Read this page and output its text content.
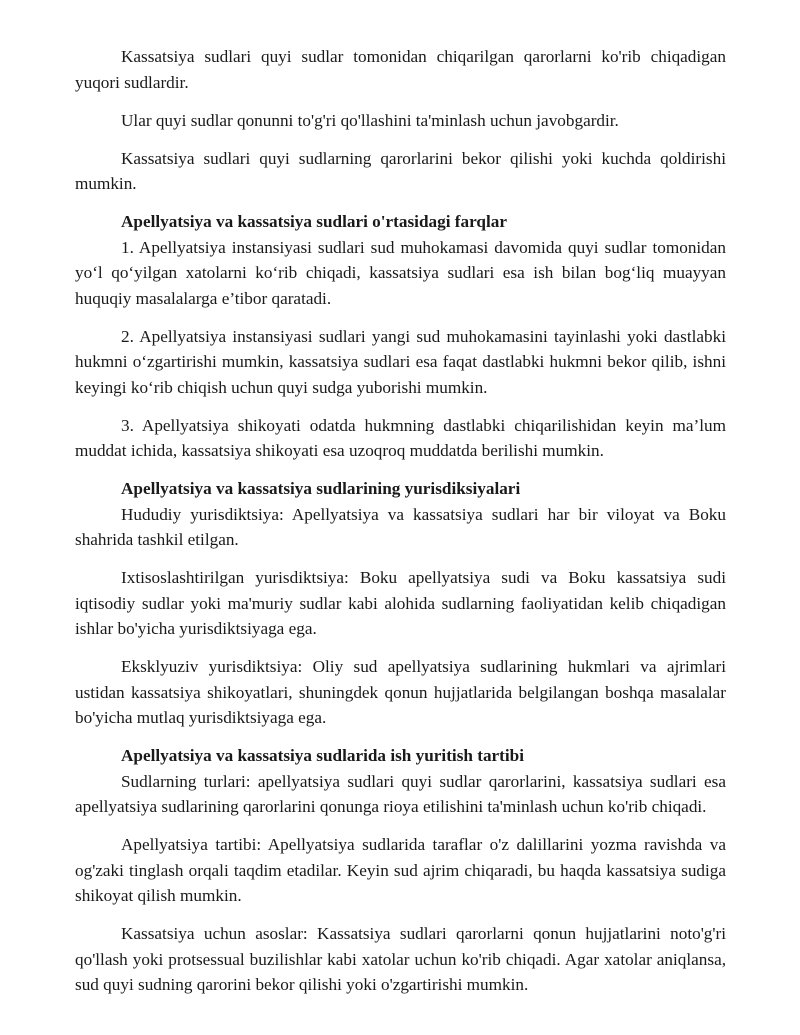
Kassatsiya sudlari quyi sudlar tomonidan chiqarilgan qarorlarni ko'rib chiqadigan yuqori sudlardir.

Ular quyi sudlar qonunni to'g'ri qo'llashini ta'minlash uchun javobgardir.

Kassatsiya sudlari quyi sudlarning qarorlarini bekor qilishi yoki kuchda qoldirishi mumkin.

Apellyatsiya va kassatsiya sudlari o'rtasidagi farqlar

1. Apellyatsiya instansiyasi sudlari sud muhokamasi davomida quyi sudlar tomonidan yo‘l qo‘yilgan xatolarni ko‘rib chiqadi, kassatsiya sudlari esa ish bilan bog‘liq muayyan huquqiy masalalarga e’tibor qaratadi.

2. Apellyatsiya instansiyasi sudlari yangi sud muhokamasini tayinlashi yoki dastlabki hukmni o‘zgartirishi mumkin, kassatsiya sudlari esa faqat dastlabki hukmni bekor qilib, ishni keyingi ko‘rib chiqish uchun quyi sudga yuborishi mumkin.

3. Apellyatsiya shikoyati odatda hukmning dastlabki chiqarilishidan keyin ma’lum muddat ichida, kassatsiya shikoyati esa uzoqroq muddatda berilishi mumkin.

Apellyatsiya va kassatsiya sudlarining yurisdiksiyalari

Hududiy yurisdiktsiya: Apellyatsiya va kassatsiya sudlari har bir viloyat va Boku shahrida tashkil etilgan.

Ixtisoslashtirilgan yurisdiktsiya: Boku apellyatsiya sudi va Boku kassatsiya sudi iqtisodiy sudlar yoki ma'muriy sudlar kabi alohida sudlarning faoliyatidan kelib chiqadigan ishlar bo'yicha yurisdiktsiyaga ega.

Eksklyuziv yurisdiktsiya: Oliy sud apellyatsiya sudlarining hukmlari va ajrimlari ustidan kassatsiya shikoyatlari, shuningdek qonun hujjatlarida belgilangan boshqa masalalar bo'yicha mutlaq yurisdiktsiyaga ega.

Apellyatsiya va kassatsiya sudlarida ish yuritish tartibi

Sudlarning turlari: apellyatsiya sudlari quyi sudlar qarorlarini, kassatsiya sudlari esa apellyatsiya sudlarining qarorlarini qonunga rioya etilishini ta'minlash uchun ko'rib chiqadi.

Apellyatsiya tartibi: Apellyatsiya sudlarida taraflar o'z dalillarini yozma ravishda va og'zaki tinglash orqali taqdim etadilar. Keyin sud ajrim chiqaradi, bu haqda kassatsiya sudiga shikoyat qilish mumkin.

Kassatsiya uchun asoslar: Kassatsiya sudlari qarorlarni qonun hujjatlarini noto'g'ri qo'llash yoki protsessual buzilishlar kabi xatolar uchun ko'rib chiqadi. Agar xatolar aniqlansa, sud quyi sudning qarorini bekor qilishi yoki o'zgartirishi mumkin.
